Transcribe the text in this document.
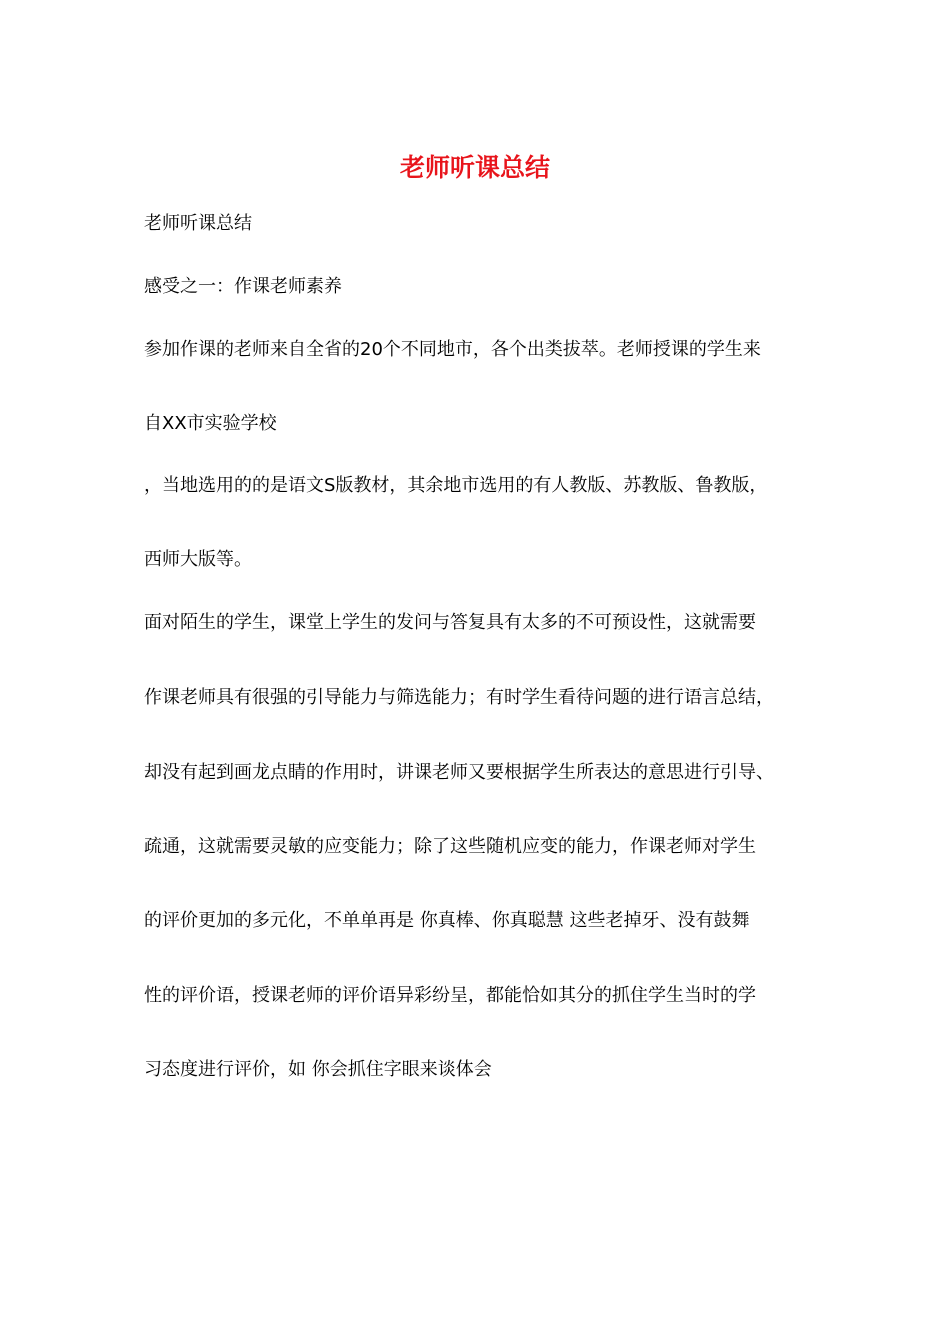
老师听课总结

老师听课总结

感受之一：作课老师素养

参加作课的老师来自全省的20个不同地市，各个出类拔萃。老师授课的学生来

自XX市实验学校

，当地选用的的是语文S版教材，其余地市选用的有人教版、苏教版、鲁教版，

西师大版等。

面对陌生的学生，课堂上学生的发问与答复具有太多的不可预设性，这就需要

作课老师具有很强的引导能力与筛选能力；有时学生看待问题的进行语言总结，

却没有起到画龙点睛的作用时，讲课老师又要根据学生所表达的意思进行引导、

疏通，这就需要灵敏的应变能力；除了这些随机应变的能力，作课老师对学生

的评价更加的多元化，不单单再是 你真棒、你真聪慧 这些老掉牙、没有鼓舞

性的评价语，授课老师的评价语异彩纷呈，都能恰如其分的抓住学生当时的学

习态度进行评价，如 你会抓住字眼来谈体会
